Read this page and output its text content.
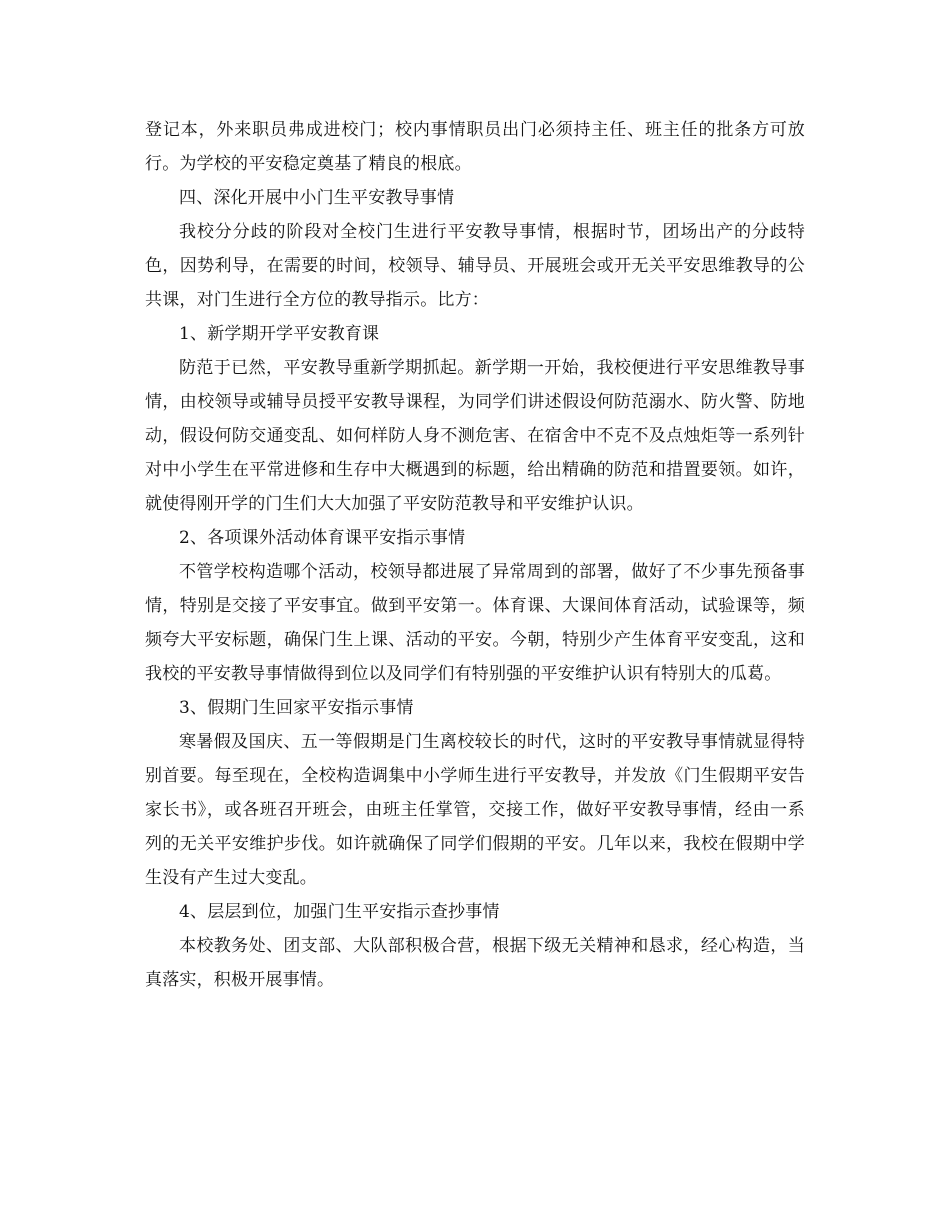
登记本，外来职员弗成进校门；校内事情职员出门必须持主任、班主任的批条方可放行。为学校的平安稳定奠基了精良的根底。

四、深化开展中小门生平安教导事情

我校分分歧的阶段对全校门生进行平安教导事情，根据时节，团场出产的分歧特色，因势利导，在需要的时间，校领导、辅导员、开展班会或开无关平安思维教导的公共课，对门生进行全方位的教导指示。比方：

1、新学期开学平安教育课

防范于已然，平安教导重新学期抓起。新学期一开始，我校便进行平安思维教导事情，由校领导或辅导员授平安教导课程，为同学们讲述假设何防范溺水、防火警、防地动，假设何防交通变乱、如何样防人身不测危害、在宿舍中不克不及点烛炬等一系列针对中小学生在平常进修和生存中大概遇到的标题，给出精确的防范和措置要领。如许，就使得刚开学的门生们大大加强了平安防范教导和平安维护认识。

2、各项课外活动体育课平安指示事情

不管学校构造哪个活动，校领导都进展了异常周到的部署，做好了不少事先预备事情，特别是交接了平安事宜。做到平安第一。体育课、大课间体育活动，试验课等，频频夸大平安标题，确保门生上课、活动的平安。今朝，特别少产生体育平安变乱，这和我校的平安教导事情做得到位以及同学们有特别强的平安维护认识有特别大的瓜葛。

3、假期门生回家平安指示事情

寒暑假及国庆、五一等假期是门生离校较长的时代，这时的平安教导事情就显得特别首要。每至现在，全校构造调集中小学师生进行平安教导，并发放《门生假期平安告家长书》，或各班召开班会，由班主任掌管，交接工作，做好平安教导事情，经由一系列的无关平安维护步伐。如许就确保了同学们假期的平安。几年以来，我校在假期中学生没有产生过大变乱。

4、层层到位，加强门生平安指示查抄事情

本校教务处、团支部、大队部积极合营，根据下级无关精神和恳求，经心构造，当真落实，积极开展事情。
